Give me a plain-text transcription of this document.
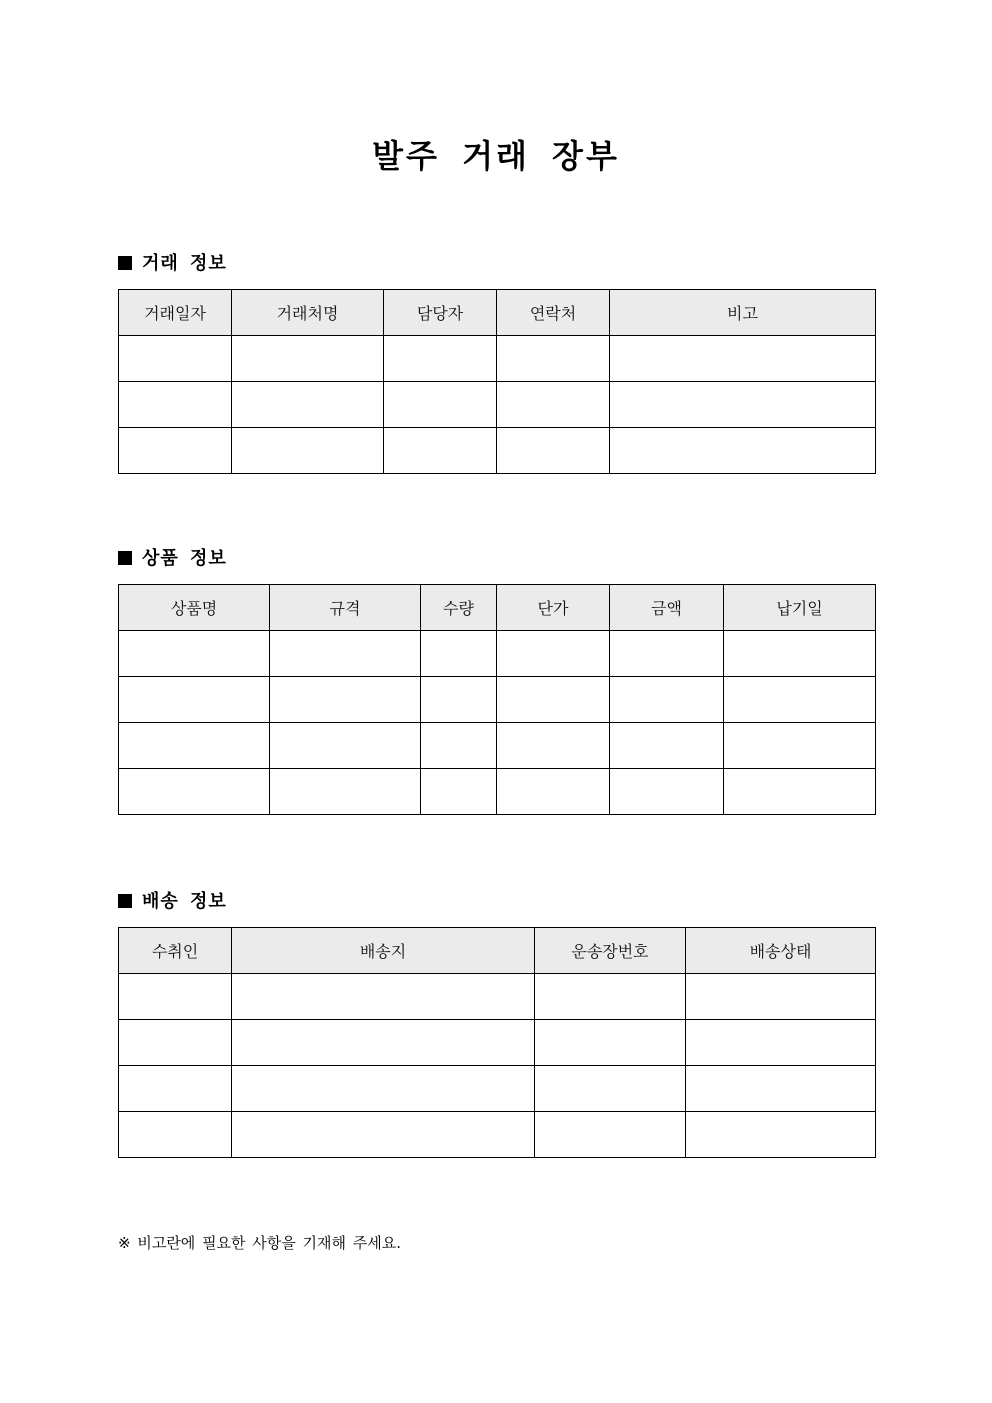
발주 거래 장부
거래 정보
거래일자	거래처명	담당자	연락처	비고

상품 정보
상품명	규격	수량	단가	금액	납기일

배송 정보
수취인	배송지	운송장번호	배송상태

※ 비고란에 필요한 사항을 기재해 주세요.
